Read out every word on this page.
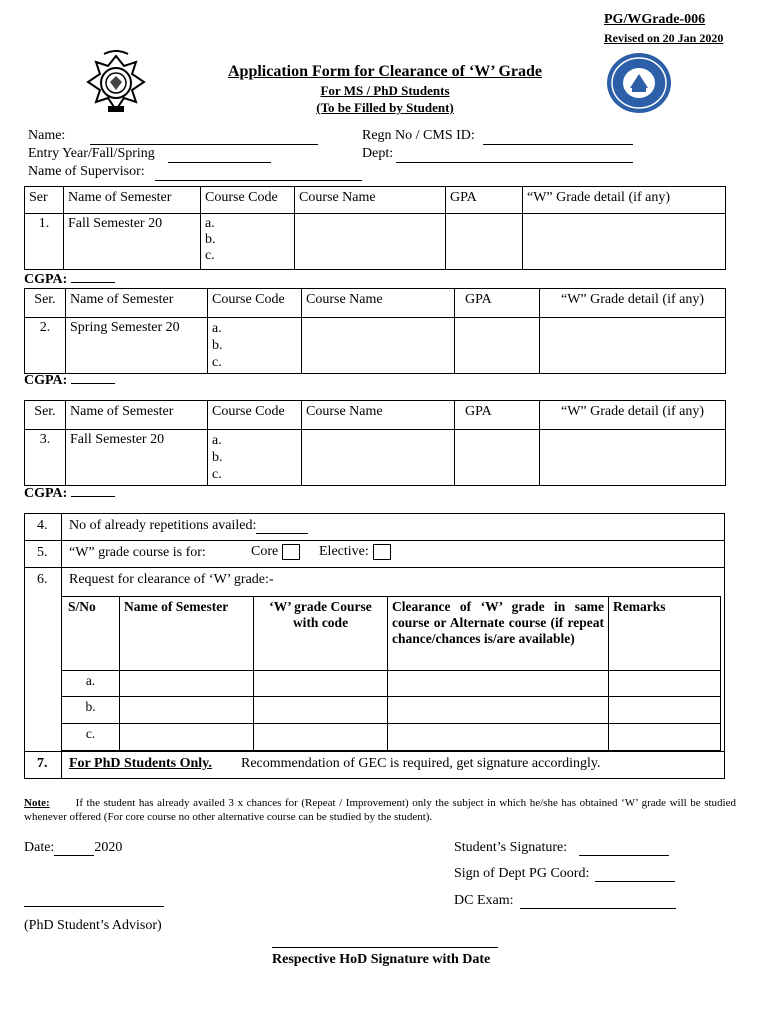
PG/WGrade-006
Revised on 20 Jan 2020
Application Form for Clearance of ‘W’ Grade
For MS / PhD Students
(To be Filled by Student)
Name:	Regn No / CMS ID:
Entry Year/Fall/Spring	Dept:
Name of Supervisor:
Ser	Name of Semester	Course Code	Course Name	GPA	“W” Grade detail (if any)
1.	Fall Semester 20	a.
b.
c.			
CGPA:
Ser.	Name of Semester	Course Code	Course Name	GPA	“W” Grade detail (if any)
2.	Spring Semester 20	a.
b.
c.			
CGPA:
Ser.	Name of Semester	Course Code	Course Name	GPA	“W” Grade detail (if any)
3.	Fall Semester 20	a.
b.
c.			
CGPA:
4. No of already repetitions availed:
5. “W” grade course is for:	Core	Elective:
6. Request for clearance of ‘W’ grade:-
S/No	Name of Semester	‘W’ grade Course with code	Clearance of ‘W’ grade in same course or Alternate course (if repeat chance/chances is/are available)	Remarks
a.				
b.				
c.				
7. For PhD Students Only. Recommendation of GEC is required, get signature accordingly.
Note: If the student has already availed 3 x chances for (Repeat / Improvement) only the subject in which he/she has obtained ‘W’ grade will be studied whenever offered (For core course no other alternative course can be studied by the student).
Date:	2020	Student’s Signature:
Sign of Dept PG Coord:
DC Exam:
(PhD Student’s Advisor)
Respective HoD Signature with Date
